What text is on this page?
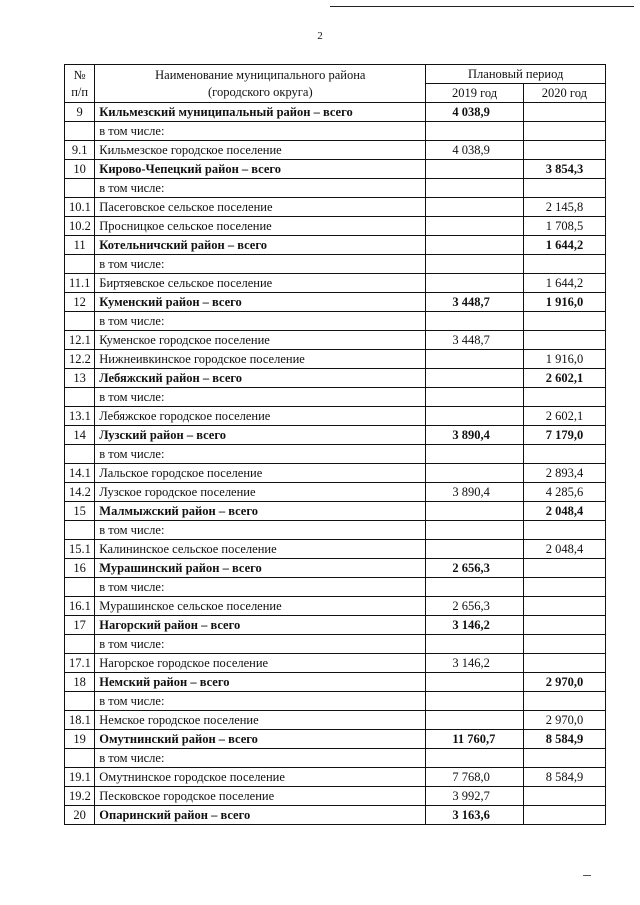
2
№
п/п	Наименование муниципального района
(городского округа)	Плановый период	
		2019 год	2020 год
9	Кильмезский муниципальный район – всего	4 038,9	
	в том числе:		
9.1	Кильмезское городское поселение	4 038,9	
10	Кирово-Чепецкий район – всего		3 854,3
	в том числе:		
10.1	Пасеговское сельское поселение		2 145,8
10.2	Просницкое сельское поселение		1 708,5
11	Котельничский район – всего		1 644,2
	в том числе:		
11.1	Биртяевское сельское поселение		1 644,2
12	Куменский район – всего	3 448,7	1 916,0
	в том числе:		
12.1	Куменское городское поселение	3 448,7	
12.2	Нижнеивкинское городское поселение		1 916,0
13	Лебяжский район – всего		2 602,1
	в том числе:		
13.1	Лебяжское городское поселение		2 602,1
14	Лузский район – всего	3 890,4	7 179,0
	в том числе:		
14.1	Лальское городское поселение		2 893,4
14.2	Лузское городское поселение	3 890,4	4 285,6
15	Малмыжский район – всего		2 048,4
	в том числе:		
15.1	Калининское сельское поселение		2 048,4
16	Мурашинский район – всего	2 656,3	
	в том числе:		
16.1	Мурашинское сельское поселение	2 656,3	
17	Нагорский район – всего	3 146,2	
	в том числе:		
17.1	Нагорское городское поселение	3 146,2	
18	Немский район – всего		2 970,0
	в том числе:		
18.1	Немское городское поселение		2 970,0
19	Омутнинский район – всего	11 760,7	8 584,9
	в том числе:		
19.1	Омутнинское городское поселение	7 768,0	8 584,9
19.2	Песковское городское поселение	3 992,7	
20	Опаринский район – всего	3 163,6	
